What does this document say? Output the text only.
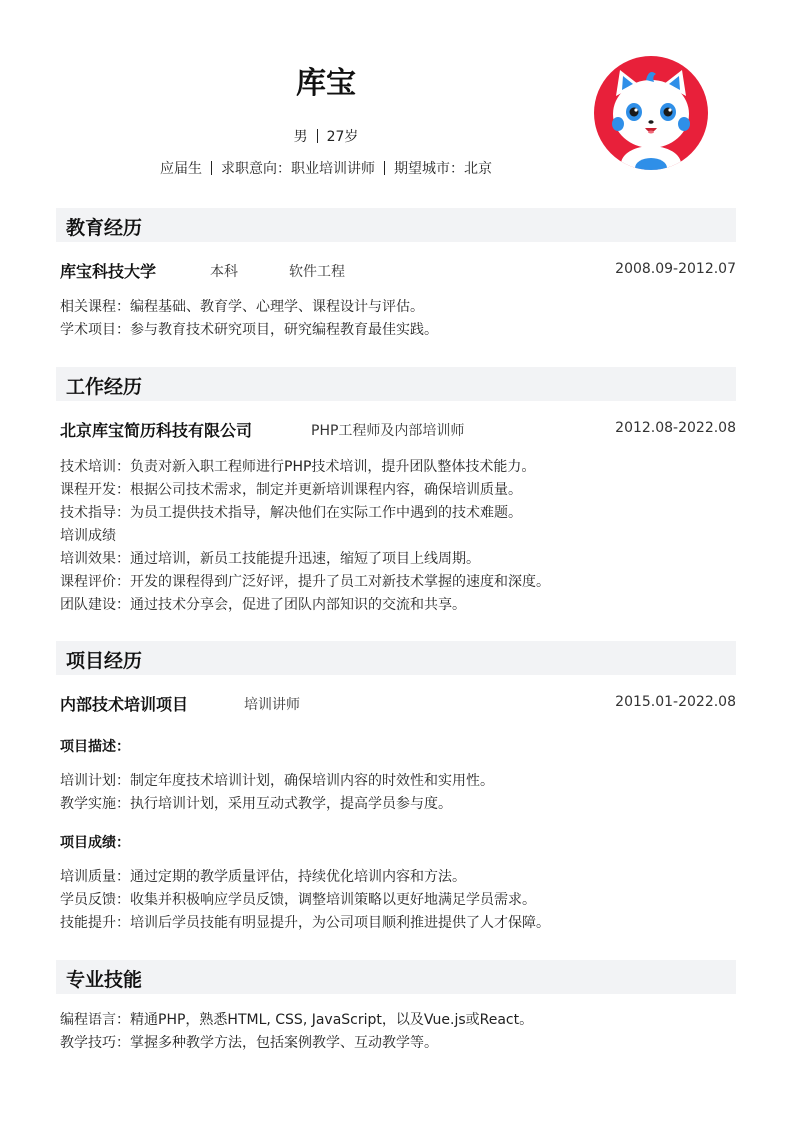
库宝
男 27岁
应届生 求职意向：职业培训讲师 期望城市：北京
教育经历
库宝科技大学	本科	软件工程	2008.09-2012.07
相关课程：编程基础、教育学、心理学、课程设计与评估。
学术项目：参与教育技术研究项目，研究编程教育最佳实践。
工作经历
北京库宝简历科技有限公司	PHP工程师及内部培训师	2012.08-2022.08
技术培训：负责对新入职工程师进行PHP技术培训，提升团队整体技术能力。
课程开发：根据公司技术需求，制定并更新培训课程内容，确保培训质量。
技术指导：为员工提供技术指导，解决他们在实际工作中遇到的技术难题。
培训成绩
培训效果：通过培训，新员工技能提升迅速，缩短了项目上线周期。
课程评价：开发的课程得到广泛好评，提升了员工对新技术掌握的速度和深度。
团队建设：通过技术分享会，促进了团队内部知识的交流和共享。
项目经历
内部技术培训项目	培训讲师	2015.01-2022.08
项目描述：
培训计划：制定年度技术培训计划，确保培训内容的时效性和实用性。
教学实施：执行培训计划，采用互动式教学，提高学员参与度。
项目成绩：
培训质量：通过定期的教学质量评估，持续优化培训内容和方法。
学员反馈：收集并积极响应学员反馈，调整培训策略以更好地满足学员需求。
技能提升：培训后学员技能有明显提升，为公司项目顺利推进提供了人才保障。
专业技能
编程语言：精通PHP，熟悉HTML, CSS, JavaScript，以及Vue.js或React。
教学技巧：掌握多种教学方法，包括案例教学、互动教学等。
